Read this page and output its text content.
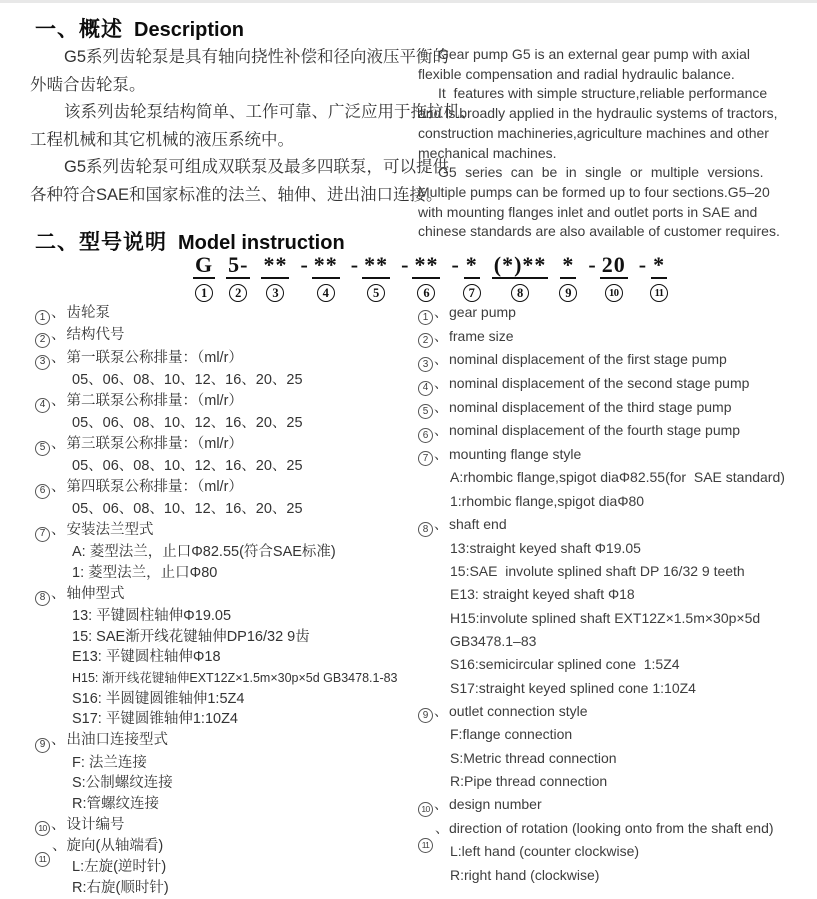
一、概述 Description
G5系列齿轮泵是具有轴向挠性补偿和径向液压平衡的
外啮合齿轮泵。
该系列齿轮泵结构简单、工作可靠、广泛应用于拖拉机、
工程机械和其它机械的液压系统中。
G5系列齿轮泵可组成双联泵及最多四联泵，可以提供
各种符合SAE和国家标准的法兰、轴伸、进出油口连接。
Gear pump G5 is an external gear pump with axial
flexible compensation and radial hydraulic balance.
It  features with simple structure,reliable performance
and is broadly applied in the hydraulic systems of tractors,
construction machineries,agriculture machines and other
mechanical machines.
G5 series can be in single or multiple versions.
Multiple pumps can be formed up to four sections.G5–20
with mounting flanges inlet and outlet ports in SAE and
chinese standards are also available of customer requires.
二、型号说明 Model instruction
G
1
5-
2
**
3
- **
4
- **
5
- **
6
- *
7
(*)**
8
*
9
- 20
10
- *
11
1 、齿轮泵
2 、结构代号
3 、第一联泵公称排量：（ml/r）
05、06、08、10、12、16、20、25
4 、第二联泵公称排量：（ml/r）
05、06、08、10、12、16、20、25
5 、第三联泵公称排量：（ml/r）
05、06、08、10、12、16、20、25
6 、第四联泵公称排量：（ml/r）
05、06、08、10、12、16、20、25
7 、安装法兰型式
A: 菱型法兰，止口Φ82.55(符合SAE标准)
1: 菱型法兰，止口Φ80
8 、轴伸型式
13: 平键圆柱轴伸Φ19.05
15: SAE渐开线花键轴伸DP16/32 9齿
E13: 平键圆柱轴伸Φ18
H15: 渐开线花键轴伸EXT12Z×1.5m×30p×5d GB3478.1-83
S16: 半圆键圆锥轴伸1:5Z4
S17: 平键圆锥轴伸1:10Z4
9 、出油口连接型式
F: 法兰连接
S:公制螺纹连接
R:管螺纹连接
10 、设计编号
、旋向(从轴端看)
11 L:左旋(逆时针)
R:右旋(顺时针)
1 、gear pump
2 、frame size
3 、nominal displacement of the first stage pump
4 、nominal displacement of the second stage pump
5 、nominal displacement of the third stage pump
6 、nominal displacement of the fourth stage pump
7 、mounting flange style
A:rhombic flange,spigot diaΦ82.55(for  SAE standard)
1:rhombic flange,spigot diaΦ80
8 、shaft end
13:straight keyed shaft Φ19.05
15:SAE  involute splined shaft DP 16/32 9 teeth
E13: straight keyed shaft Φ18
H15:involute splined shaft EXT12Z×1.5m×30p×5d
GB3478.1–83
S16:semicircular splined cone  1:5Z4
S17:straight keyed splined cone 1:10Z4
9 、outlet connection style
F:flange connection
S:Metric thread connection
R:Pipe thread connection
10 、design number
、direction of rotation (looking onto from the shaft end)
11 L:left hand (counter clockwise)
R:right hand (clockwise)
